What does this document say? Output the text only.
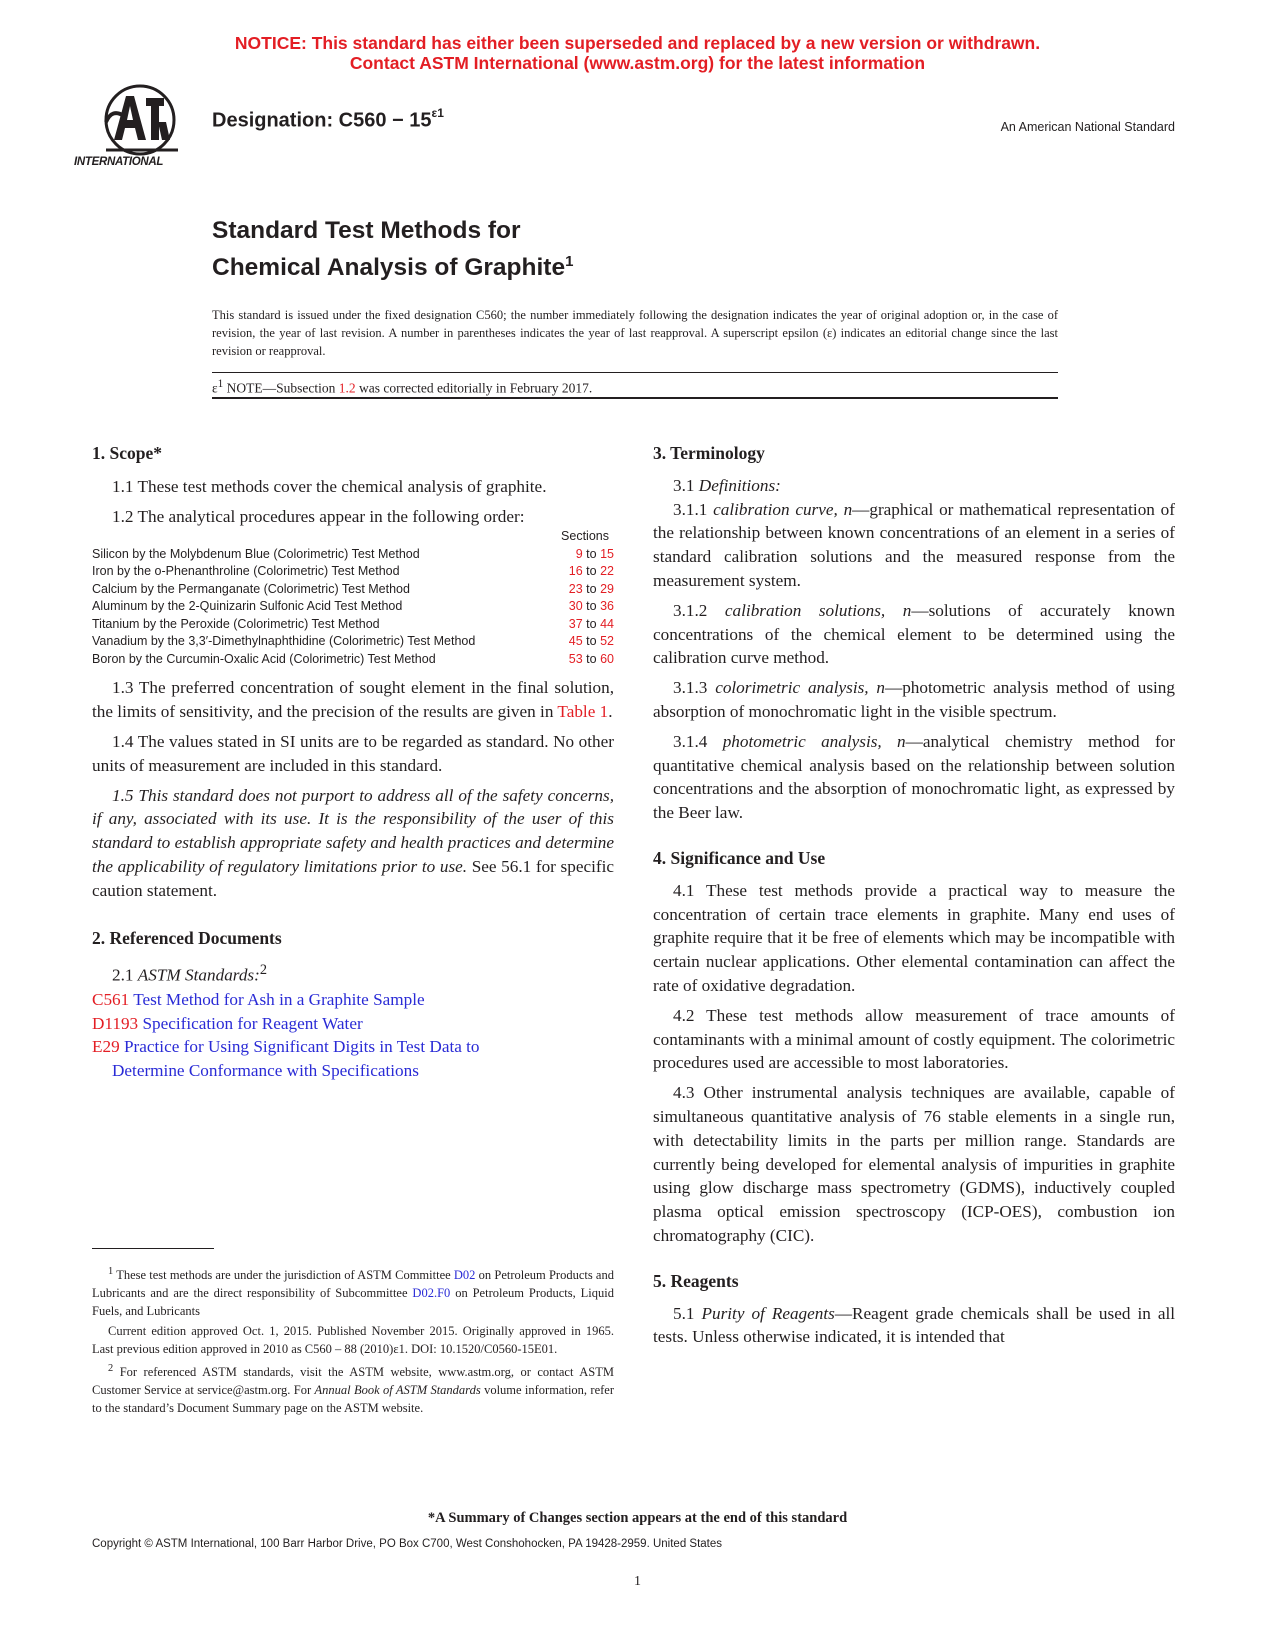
NOTICE: This standard has either been superseded and replaced by a new version or withdrawn.
Contact ASTM International (www.astm.org) for the latest information
INTERNATIONAL
Designation: $C560 - 15^{\varepsilon 1}$
An American National Standard
Standard Test Methods for
Chemical Analysis of Graphite$^1$
This standard is issued under the fixed designation C560; the number immediately following the designation indicates the year of original adoption or, in the case of revision, the year of last revision. A number in parentheses indicates the year of last reapproval. A superscript epsilon (ε) indicates an editorial change since the last revision or reapproval.
$\varepsilon^1$ NOTE—Subsection 1.2 was corrected editorially in February 2017.
1. Scope*

1.1 These test methods cover the chemical analysis of graphite.

1.2 The analytical procedures appear in the following order:

Sections
Silicon by the Molybdenum Blue (Colorimetric) Test Method	9 to 15
Iron by the o-Phenanthroline (Colorimetric) Test Method	16 to 22
Calcium by the Permanganate (Colorimetric) Test Method	23 to 29
Aluminum by the 2-Quinizarin Sulfonic Acid Test Method	30 to 36
Titanium by the Peroxide (Colorimetric) Test Method	37 to 44
Vanadium by the 3,3′-Dimethylnaphthidine (Colorimetric) Test Method	45 to 52
Boron by the Curcumin-Oxalic Acid (Colorimetric) Test Method	53 to 60

1.3 The preferred concentration of sought element in the final solution, the limits of sensitivity, and the precision of the results are given in Table 1.

1.4 The values stated in SI units are to be regarded as standard. No other units of measurement are included in this standard.

1.5 This standard does not purport to address all of the safety concerns, if any, associated with its use. It is the responsibility of the user of this standard to establish appropriate safety and health practices and determine the applicability of regulatory limitations prior to use. See 56.1 for specific caution statement.

2. Referenced Documents

2.1 ASTM Standards:$^2$

C561 Test Method for Ash in a Graphite Sample
D1193 Specification for Reagent Water
E29 Practice for Using Significant Digits in Test Data to
Determine Conformance with Specifications

$^1$ These test methods are under the jurisdiction of ASTM Committee D02 on Petroleum Products and Lubricants and are the direct responsibility of Subcommittee D02.F0 on Petroleum Products, Liquid Fuels, and Lubricants

Current edition approved Oct. 1, 2015. Published November 2015. Originally approved in 1965. Last previous edition approved in 2010 as C560 – 88 (2010)ε1. DOI: 10.1520/C0560-15E01.

$^2$ For referenced ASTM standards, visit the ASTM website, www.astm.org, or contact ASTM Customer Service at service@astm.org. For Annual Book of ASTM Standards volume information, refer to the standard’s Document Summary page on the ASTM website.

3. Terminology

3.1 Definitions:

3.1.1 calibration curve, n—graphical or mathematical representation of the relationship between known concentrations of an element in a series of standard calibration solutions and the measured response from the measurement system.

3.1.2 calibration solutions, n—solutions of accurately known concentrations of the chemical element to be determined using the calibration curve method.

3.1.3 colorimetric analysis, n—photometric analysis method of using absorption of monochromatic light in the visible spectrum.

3.1.4 photometric analysis, n—analytical chemistry method for quantitative chemical analysis based on the relationship between solution concentrations and the absorption of monochromatic light, as expressed by the Beer law.

4. Significance and Use

4.1 These test methods provide a practical way to measure the concentration of certain trace elements in graphite. Many end uses of graphite require that it be free of elements which may be incompatible with certain nuclear applications. Other elemental contamination can affect the rate of oxidative degradation.

4.2 These test methods allow measurement of trace amounts of contaminants with a minimal amount of costly equipment. The colorimetric procedures used are accessible to most laboratories.

4.3 Other instrumental analysis techniques are available, capable of simultaneous quantitative analysis of 76 stable elements in a single run, with detectability limits in the parts per million range. Standards are currently being developed for elemental analysis of impurities in graphite using glow discharge mass spectrometry (GDMS), inductively coupled plasma optical emission spectroscopy (ICP-OES), combustion ion chromatography (CIC).

5. Reagents

5.1 Purity of Reagents—Reagent grade chemicals shall be used in all tests. Unless otherwise indicated, it is intended that

*A Summary of Changes section appears at the end of this standard
Copyright © ASTM International, 100 Barr Harbor Drive, PO Box C700, West Conshohocken, PA 19428-2959. United States
1
